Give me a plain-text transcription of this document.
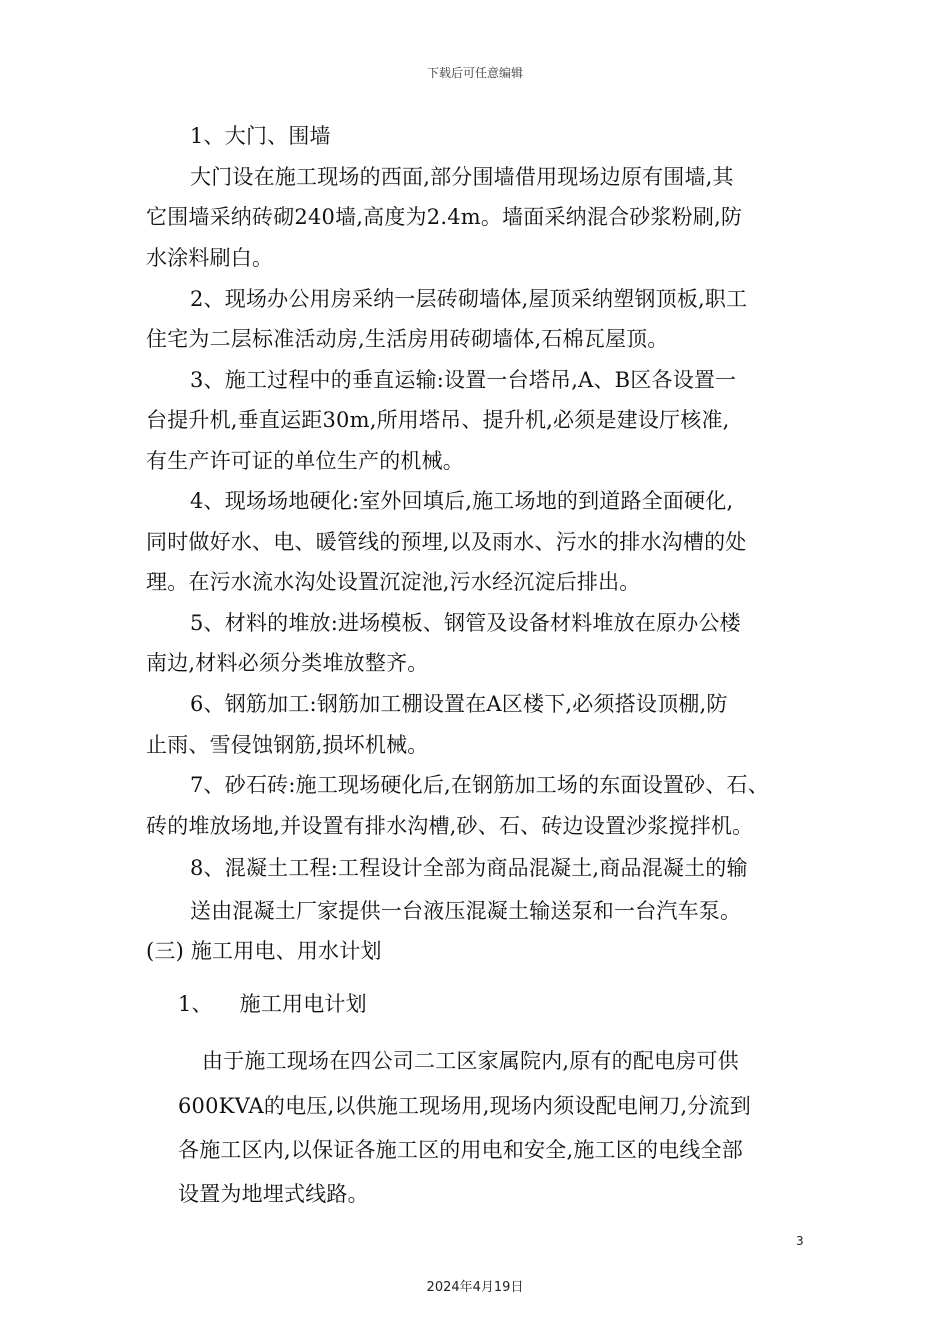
下载后可任意编辑
1、大门、围墙
大门设在施工现场的西面,部分围墙借用现场边原有围墙,其
它围墙采纳砖砌240墙,高度为2.4m。墙面采纳混合砂浆粉刷,防
水涂料刷白。
2、现场办公用房采纳一层砖砌墙体,屋顶采纳塑钢顶板,职工
住宅为二层标准活动房,生活房用砖砌墙体,石棉瓦屋顶。
3、施工过程中的垂直运输:设置一台塔吊,A、B区各设置一
台提升机,垂直运距30m,所用塔吊、提升机,必须是建设厅核准,
有生产许可证的单位生产的机械。
4、现场场地硬化:室外回填后,施工场地的到道路全面硬化,
同时做好水、电、暖管线的预埋,以及雨水、污水的排水沟槽的处
理。在污水流水沟处设置沉淀池,污水经沉淀后排出。
5、材料的堆放:进场模板、钢管及设备材料堆放在原办公楼
南边,材料必须分类堆放整齐。
6、钢筋加工:钢筋加工棚设置在A区楼下,必须搭设顶棚,防
止雨、雪侵蚀钢筋,损坏机械。
7、砂石砖:施工现场硬化后,在钢筋加工场的东面设置砂、石、
砖的堆放场地,并设置有排水沟槽,砂、石、砖边设置沙浆搅拌机。
8、混凝土工程:工程设计全部为商品混凝土,商品混凝土的输
送由混凝土厂家提供一台液压混凝土输送泵和一台汽车泵。
(三) 施工用电、用水计划
1、 施工用电计划
由于施工现场在四公司二工区家属院内,原有的配电房可供
600KVA的电压,以供施工现场用,现场内须设配电闸刀,分流到
各施工区内,以保证各施工区的用电和安全,施工区的电线全部
设置为地埋式线路。
3
2024年4月19日
